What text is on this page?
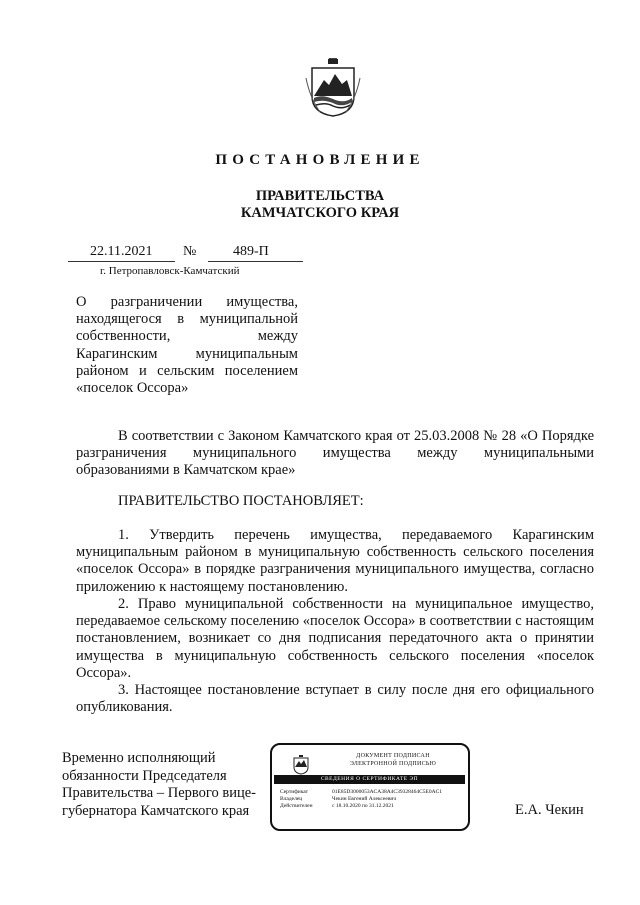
ПОСТАНОВЛЕНИЕ
ПРАВИТЕЛЬСТВА
КАМЧАТСКОГО КРАЯ
22.11.2021 №	489-П
г. Петропавловск-Камчатский
О разграничении имущества,
находящегося в муниципальной
собственности, между
Карагинским муниципальным
районом и сельским поселением
«поселок Оссора»
В соответствии с Законом Камчатского края от 25.03.2008 № 28 «О Порядке разграничения муниципального имущества между муниципальными образованиями в Камчатском крае»
ПРАВИТЕЛЬСТВО ПОСТАНОВЛЯЕТ:
1. Утвердить перечень имущества, передаваемого Карагинским муниципальным районом в муниципальную собственность сельского поселения «поселок Оссора» в порядке разграничения муниципального имущества, согласно приложению к настоящему постановлению.
2. Право муниципальной собственности на муниципальное имущество, передаваемое сельскому поселению «поселок Оссора» в соответствии с настоящим постановлением, возникает со дня подписания передаточного акта о принятии имущества в муниципальную собственность сельского поселения «поселок Оссора».
3. Настоящее постановление вступает в силу после дня его официального опубликования.
Временно исполняющий
обязанности Председателя
Правительства – Первого вице-
губернатора Камчатского края
ДОКУМЕНТ ПОДПИСАН
ЭЛЕКТРОННОЙ ПОДПИСЬЮ
СВЕДЕНИЯ О СЕРТИФИКАТЕ ЭП
Сертификат	01E85D3000053ACA38A4C39328464C5E0AC1
Владелец	Чекин Евгений Алексеевич
Действителен	с 18.10.2020 по 31.12.2021	Е.А. Чекин
